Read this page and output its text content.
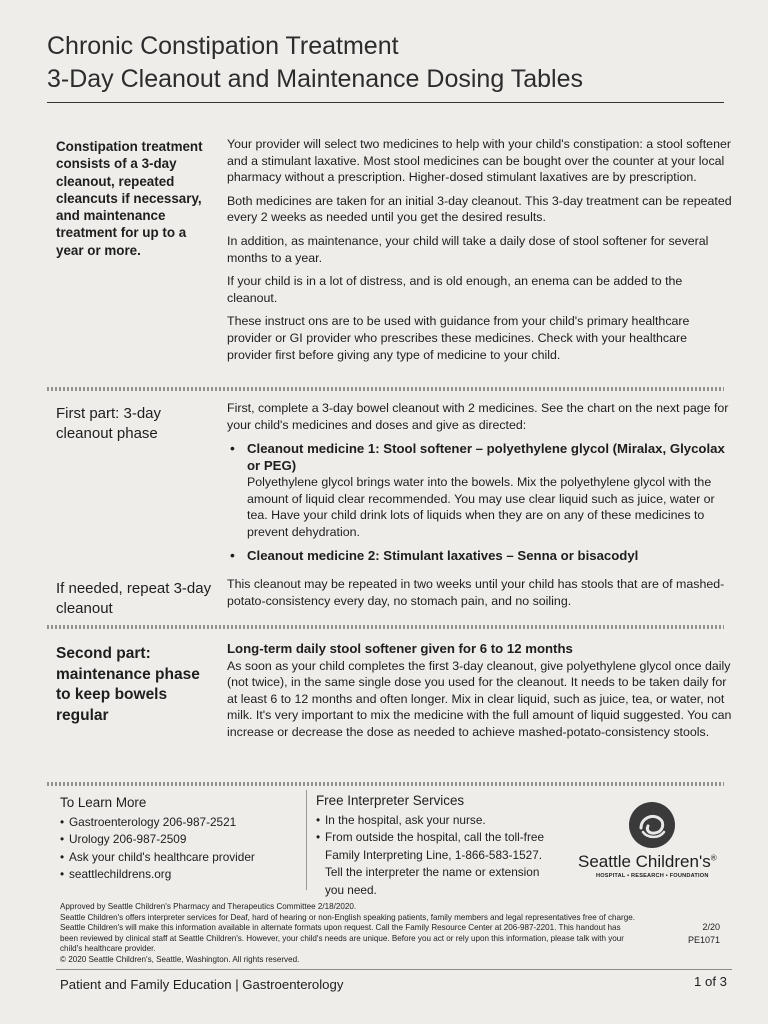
Chronic Constipation Treatment
3-Day Cleanout and Maintenance Dosing Tables

Constipation treatment consists of a 3-day cleanout, repeated cleancuts if necessary, and maintenance treatment for up to a year or more.

Your provider will select two medicines to help with your child's constipation: a stool softener and a stimulant laxative. Most stool medicines can be bought over the counter at your local pharmacy without a prescription. Higher-dosed stimulant laxatives are by prescription.

Both medicines are taken for an initial 3-day cleanout. This 3-day treatment can be repeated every 2 weeks as needed until you get the desired results.

In addition, as maintenance, your child will take a daily dose of stool softener for several months to a year.

If your child is in a lot of distress, and is old enough, an enema can be added to the cleanout.

These instruct ons are to be used with guidance from your child's primary healthcare provider or GI provider who prescribes these medicines. Check with your healthcare provider first before giving any type of medicine to your child.

First part: 3-day cleanout phase

First, complete a 3-day bowel cleanout with 2 medicines. See the chart on the next page for your child's medicines and doses and give as directed:

• Cleanout medicine 1: Stool softener – polyethylene glycol (Miralax, Glycolax or PEG)
Polyethylene glycol brings water into the bowels. Mix the polyethylene glycol with the amount of liquid clear recommended. You may use clear liquid such as juice, water or tea. Have your child drink lots of liquids when they are on any of these medicines to prevent dehydration.
• Cleanout medicine 2: Stimulant laxatives – Senna or bisacodyl

If needed, repeat 3-day cleanout

This cleanout may be repeated in two weeks until your child has stools that are of mashed-potato-consistency every day, no stomach pain, and no soiling.

Second part: maintenance phase to keep bowels regular

Long-term daily stool softener given for 6 to 12 months

As soon as your child completes the first 3-day cleanout, give polyethylene glycol once daily (not twice), in the same single dose you used for the cleanout. It needs to be taken daily for at least 6 to 12 months and often longer. Mix in clear liquid, such as juice, tea, or water, not milk. It's very important to mix the medicine with the full amount of liquid suggested. You can increase or decrease the dose as needed to achieve mashed-potato-consistency stools.

To Learn More
• Gastroenterology 206-987-2521
• Urology 206-987-2509
• Ask your child's healthcare provider
• seattlechildrens.org
Free Interpreter Services
• In the hospital, ask your nurse.
• From outside the hospital, call the toll-free Family Interpreting Line, 1-866-583-1527. Tell the interpreter the name or extension you need.
Seattle Children's®
HOSPITAL • RESEARCH • FOUNDATION

Approved by Seattle Children's Pharmacy and Therapeutics Committee 2/18/2020.

Seattle Children's offers interpreter services for Deaf, hard of hearing or non-English speaking patients, family members and legal representatives free of charge. Seattle Children's will make this information available in alternate formats upon request. Call the Family Resource Center at 206-987-2201. This handout has been reviewed by clinical staff at Seattle Children's. However, your child's needs are unique. Before you act or rely upon this information, please talk with your child's healthcare provider.

© 2020 Seattle Children's, Seattle, Washington. All rights reserved.

2/20
PE1071
Patient and Family Education | Gastroenterology	1 of 3
